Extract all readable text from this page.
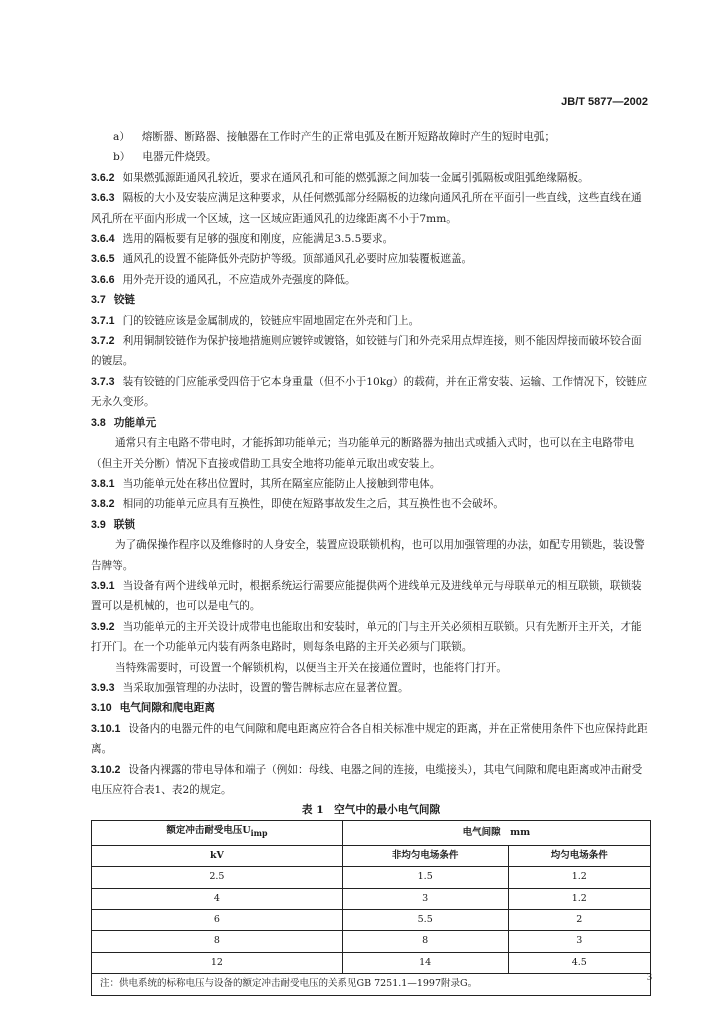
JB/T 5877—2002

a） 熔断器、断路器、接触器在工作时产生的正常电弧及在断开短路故障时产生的短时电弧；

b） 电器元件烧毁。

3.6.2 如果燃弧源距通风孔较近，要求在通风孔和可能的燃弧源之间加装一金属引弧隔板或阻弧绝缘隔板。

3.6.3 隔板的大小及安装应满足这种要求，从任何燃弧部分经隔板的边缘向通风孔所在平面引一些直线，这些直线在通风孔所在平面内形成一个区域，这一区域应距通风孔的边缘距离不小于7mm。

3.6.4 选用的隔板要有足够的强度和刚度，应能满足3.5.5要求。

3.6.5 通风孔的设置不能降低外壳防护等级。顶部通风孔必要时应加装覆板遮盖。

3.6.6 用外壳开设的通风孔，不应造成外壳强度的降低。

3.7 铰链

3.7.1 门的铰链应该是金属制成的，铰链应牢固地固定在外壳和门上。

3.7.2 利用铜制铰链作为保护接地措施则应镀锌或镀铬，如铰链与门和外壳采用点焊连接，则不能因焊接而破坏铰合面的镀层。

3.7.3 装有铰链的门应能承受四倍于它本身重量（但不小于10kg）的载荷，并在正常安装、运输、工作情况下，铰链应无永久变形。

3.8 功能单元

通常只有主电路不带电时，才能拆卸功能单元；当功能单元的断路器为抽出式或插入式时，也可以在主电路带电（但主开关分断）情况下直接或借助工具安全地将功能单元取出或安装上。

3.8.1 当功能单元处在移出位置时，其所在隔室应能防止人接触到带电体。

3.8.2 相同的功能单元应具有互换性，即使在短路事故发生之后，其互换性也不会破坏。

3.9 联锁

为了确保操作程序以及维修时的人身安全，装置应设联锁机构，也可以用加强管理的办法，如配专用锁匙，装设警告牌等。

3.9.1 当设备有两个进线单元时，根据系统运行需要应能提供两个进线单元及进线单元与母联单元的相互联锁，联锁装置可以是机械的，也可以是电气的。

3.9.2 当功能单元的主开关设计成带电也能取出和安装时，单元的门与主开关必须相互联锁。只有先断开主开关，才能打开门。在一个功能单元内装有两条电路时，则每条电路的主开关必须与门联锁。

当特殊需要时，可设置一个解锁机构，以便当主开关在接通位置时，也能将门打开。

3.9.3 当采取加强管理的办法时，设置的警告牌标志应在显著位置。

3.10 电气间隙和爬电距离

3.10.1 设备内的电器元件的电气间隙和爬电距离应符合各自相关标准中规定的距离，并在正常使用条件下也应保持此距离。

3.10.2 设备内裸露的带电导体和端子（例如：母线、电器之间的连接，电缆接头），其电气间隙和爬电距离或冲击耐受电压应符合表1、表2的规定。

表 1　空气中的最小电气间隙

额定冲击耐受电压$U_{imp}$	电气间隙　mm	
kV	非均匀电场条件	均匀电场条件
2.5	1.5	1.2
4	3	1.2
6	5.5	2
8	8	3
12	14	4.5
注：供电系统的标称电压与设备的额定冲击耐受电压的关系见GB 7251.1—1997附录G。		
3
